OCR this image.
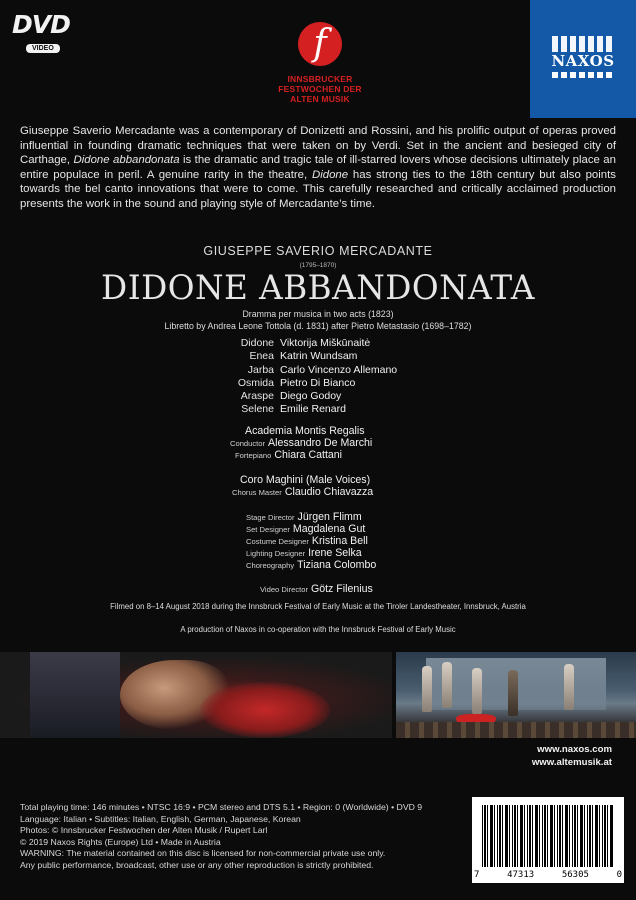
DVD
VIDEO	f
INNSBRUCKER
FESTWOCHEN DER
ALTEN MUSIK
NAXOS
Giuseppe Saverio Mercadante was a contemporary of Donizetti and Rossini, and his prolific output of operas proved influential in founding dramatic techniques that were taken on by Verdi. Set in the ancient and besieged city of Carthage, Didone abbandonata is the dramatic and tragic tale of ill-starred lovers whose decisions ultimately place an entire populace in peril. A genuine rarity in the theatre, Didone has strong ties to the 18th century but also points towards the bel canto innovations that were to come. This carefully researched and critically acclaimed production presents the work in the sound and playing style of Mercadante’s time.
GIUSEPPE SAVERIO MERCADANTE
(1795–1870)
DIDONE ABBANDONATA
Dramma per musica in two acts (1823)
Libretto by Andrea Leone Tottola (d. 1831) after Pietro Metastasio (1698–1782)
Didone Viktorija Miškūnaitė
Enea Katrin Wundsam
Jarba Carlo Vincenzo Allemano
Osmida Pietro Di Bianco
Araspe Diego Godoy
Selene Emilie Renard
Academia Montis Regalis
Conductor Alessandro De Marchi
Fortepiano Chiara Cattani
Coro Maghini (Male Voices)
Chorus Master Claudio Chiavazza
Stage Director Jürgen Flimm
Set Designer Magdalena Gut
Costume Designer Kristina Bell
Lighting Designer Irene Selka
Choreography Tiziana Colombo
Video Director Götz Filenius
Filmed on 8–14 August 2018 during the Innsbruck Festival of Early Music at the Tiroler Landestheater, Innsbruck, Austria
A production of Naxos in co-operation with the Innsbruck Festival of Early Music
www.naxos.com
www.altemusik.at
Total playing time: 146 minutes • NTSC 16:9 • PCM stereo and DTS 5.1 • Region: 0 (Worldwide) • DVD 9
Language: Italian • Subtitles: Italian, English, German, Japanese, Korean
Photos: © Innsbrucker Festwochen der Alten Musik / Rupert Larl
© 2019 Naxos Rights (Europe) Ltd • Made in Austria
WARNING: The material contained on this disc is licensed for non-commercial private use only.
Any public performance, broadcast, other use or any other reproduction is strictly prohibited.
7	47313	56305	0
